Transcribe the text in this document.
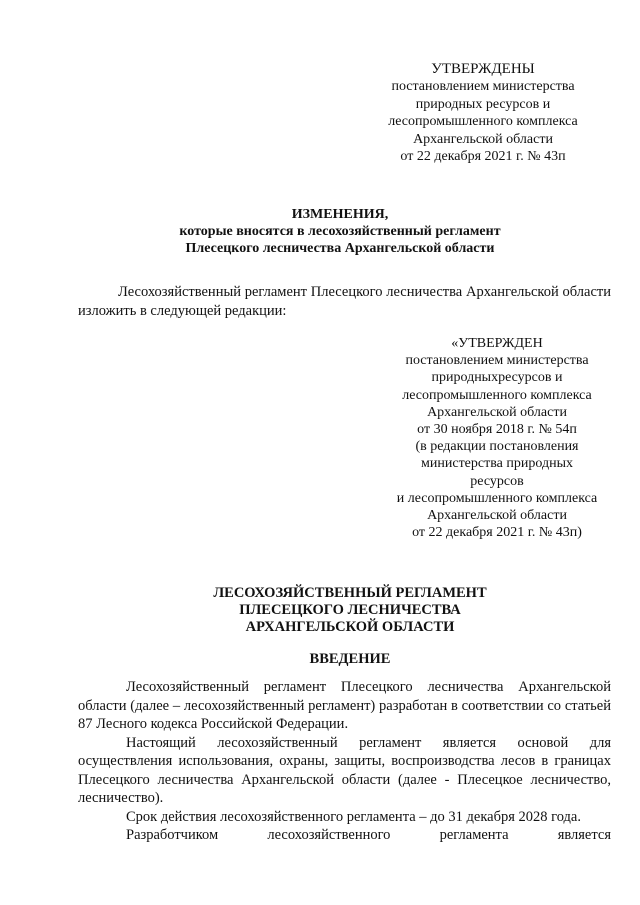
УТВЕРЖДЕНЫ
постановлением министерства
природных ресурсов и
лесопромышленного комплекса
Архангельской области
от 22 декабря 2021 г. № 43п
ИЗМЕНЕНИЯ,
которые вносятся в лесохозяйственный регламент
Плесецкого лесничества Архангельской области
Лесохозяйственный регламент Плесецкого лесничества Архангельской области изложить в следующей редакции:
«УТВЕРЖДЕН
постановлением министерства
природныхресурсов и
лесопромышленного комплекса
Архангельской области
от 30 ноября 2018 г. № 54п
(в редакции постановления
министерства природных
ресурсов
и лесопромышленного комплекса
Архангельской области
от 22 декабря 2021 г. № 43п)
ЛЕСОХОЗЯЙСТВЕННЫЙ РЕГЛАМЕНТ
ПЛЕСЕЦКОГО ЛЕСНИЧЕСТВА
АРХАНГЕЛЬСКОЙ ОБЛАСТИ
ВВЕДЕНИЕ

Лесохозяйственный регламент Плесецкого лесничества Архангельской области (далее – лесохозяйственный регламент) разработан в соответствии со статьей 87 Лесного кодекса Российской Федерации.

Настоящий лесохозяйственный регламент является основой для осуществления использования, охраны, защиты, воспроизводства лесов в границах Плесецкого лесничества Архангельской области (далее - Плесецкое лесничество, лесничество).

Срок действия лесохозяйственного регламента – до 31 декабря 2028 года.

Разработчиком лесохозяйственного регламента является
